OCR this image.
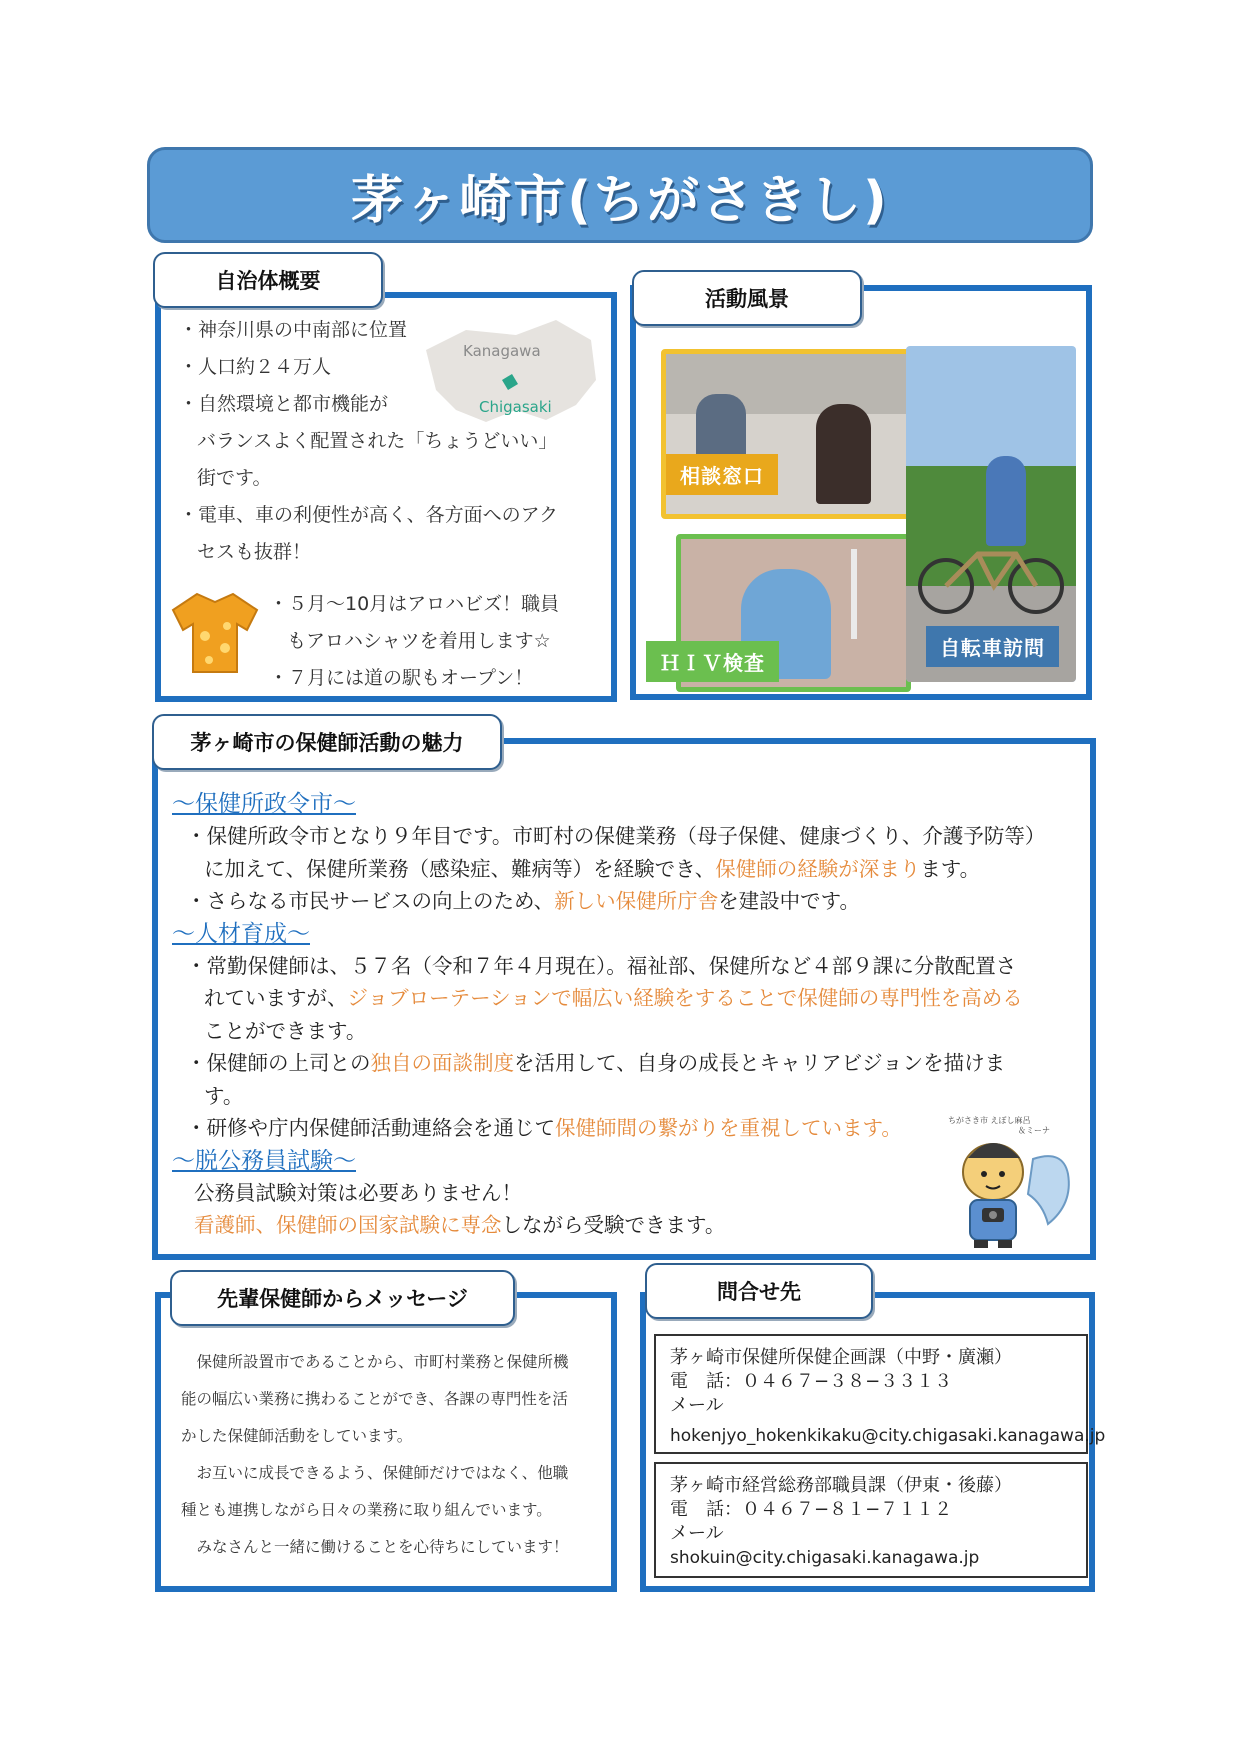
茅ヶ崎市(ちがさきし)
Kanagawa
Chigasaki
・神奈川県の中南部に位置
・人口約２４万人
・自然環境と都市機能が
バランスよく配置された「ちょうどいい」
街です。
・電車、車の利便性が高く、各方面へのアク
セスも抜群！
・５月〜10月はアロハビズ！職員
もアロハシャツを着用します☆
・７月には道の駅もオープン！
自治体概要
相談窓口
ＨＩＶ検査
自転車訪問
活動風景
〜保健所政令市〜
・保健所政令市となり９年目です。市町村の保健業務（母子保健、健康づくり、介護予防等）
に加えて、保健所業務（感染症、難病等）を経験でき、保健師の経験が深まります。
・さらなる市民サービスの向上のため、新しい保健所庁舎を建設中です。
〜人材育成〜
・常勤保健師は、５７名（令和７年４月現在）。福祉部、保健所など４部９課に分散配置さ
れていますが、ジョブローテーションで幅広い経験をすることで保健師の専門性を高める
ことができます。
・保健師の上司との独自の面談制度を活用して、自身の成長とキャリアビジョンを描けま
す。
・研修や庁内保健師活動連絡会を通じて保健師間の繋がりを重視しています。
〜脱公務員試験〜
公務員試験対策は必要ありません！
看護師、保健師の国家試験に専念しながら受験できます。
ちがさき市 えぼし麻呂
＆ミーナ
茅ヶ崎市の保健師活動の魅力
　保健所設置市であることから、市町村業務と保健所機
能の幅広い業務に携わることができ、各課の専門性を活
かした保健師活動をしています。
　お互いに成長できるよう、保健師だけではなく、他職
種とも連携しながら日々の業務に取り組んでいます。
　みなさんと一緒に働けることを心待ちにしています！
先輩保健師からメッセージ
茅ヶ崎市保健所保健企画課（中野・廣瀬）
電　話：０４６７−３８−３３１３
メール
hokenjyo_hokenkikaku@city.chigasaki.kanagawa.jp
茅ヶ崎市経営総務部職員課（伊東・後藤）
電　話：０４６７−８１−７１１２
メール
shokuin@city.chigasaki.kanagawa.jp
問合せ先
